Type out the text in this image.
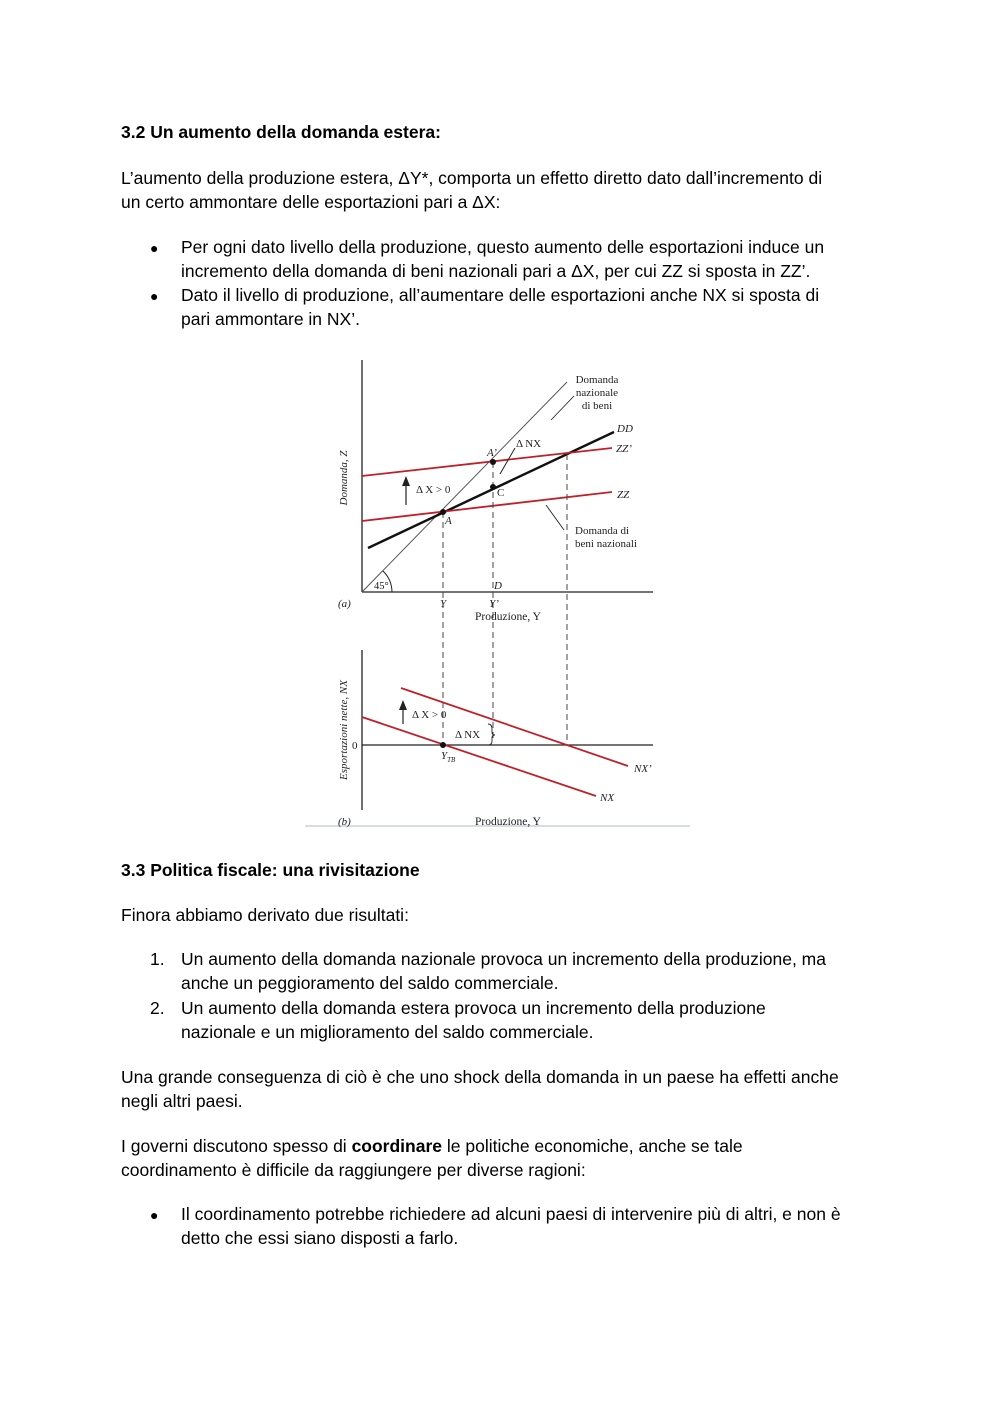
3.2 Un aumento della domanda estera:

L’aumento della produzione estera, ΔY*, comporta un effetto diretto dato dall’incremento di

un certo ammontare delle esportazioni pari a ΔX:

● Per ogni dato livello della produzione, questo aumento delle esportazioni induce un

incremento della domanda di beni nazionali pari a ΔX, per cui ZZ si sposta in ZZ’.

● Dato il livello di produzione, all’aumentare delle esportazioni anche NX si sposta di

pari ammontare in NX’.

Domanda, Z
Produzione, Y
(a)
45°
DD
ZZ’
ZZ
Domanda
nazionale
di beni
Domanda di
beni nazionali
A
A’
C
D
Y	Y’
Δ X > 0
Δ NX
Esportazioni nette, NX
Produzione, Y
(b)
0
NX’
NX
$Y_{TB}$
Δ X > 0
Δ NX

3.3 Politica fiscale: una rivisitazione

Finora abbiamo derivato due risultati:

1. Un aumento della domanda nazionale provoca un incremento della produzione, ma

anche un peggioramento del saldo commerciale.

2. Un aumento della domanda estera provoca un incremento della produzione

nazionale e un miglioramento del saldo commerciale.

Una grande conseguenza di ciò è che uno shock della domanda in un paese ha effetti anche

negli altri paesi.

I governi discutono spesso di coordinare le politiche economiche, anche se tale

coordinamento è difficile da raggiungere per diverse ragioni:

● Il coordinamento potrebbe richiedere ad alcuni paesi di intervenire più di altri, e non è

detto che essi siano disposti a farlo.
